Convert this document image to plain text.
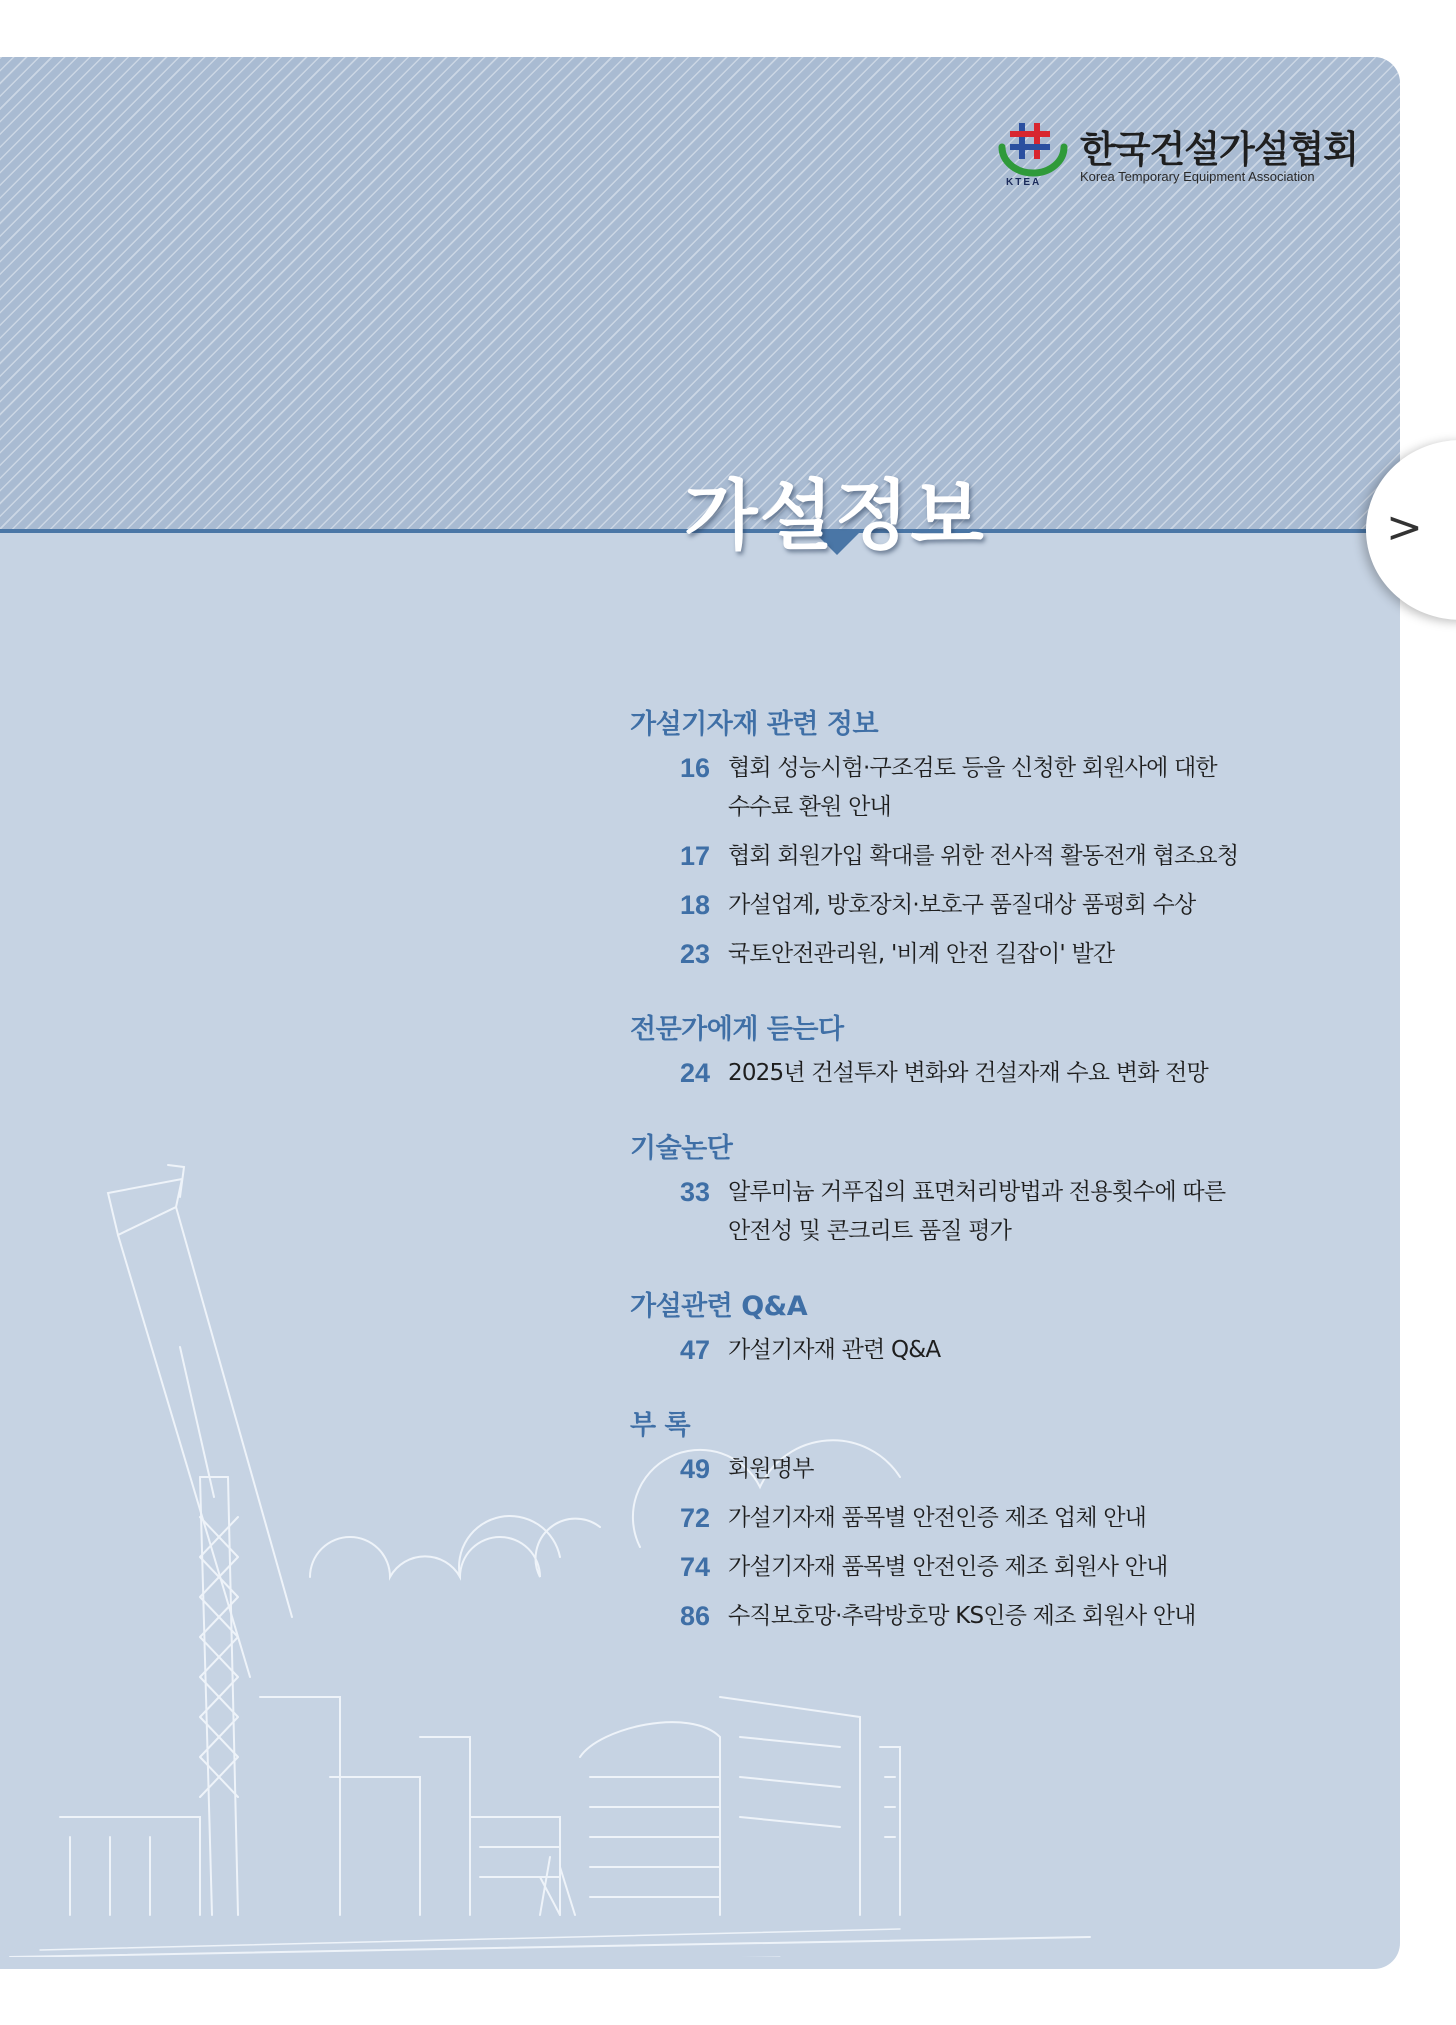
KTEA
한국건설가설협회
Korea Temporary Equipment Association
가설정보
가설기자재 관련 정보
16 협회 성능시험·구조검토 등을 신청한 회원사에 대한
수수료 환원 안내
17 협회 회원가입 확대를 위한 전사적 활동전개 협조요청
18 가설업계, 방호장치·보호구 품질대상 품평회 수상
23 국토안전관리원, '비계 안전 길잡이' 발간
전문가에게 듣는다
24 2025년 건설투자 변화와 건설자재 수요 변화 전망
기술논단
33 알루미늄 거푸집의 표면처리방법과 전용횟수에 따른
안전성 및 콘크리트 품질 평가
가설관련 Q&A
47 가설기자재 관련 Q&A
부 록
49 회원명부
72 가설기자재 품목별 안전인증 제조 업체 안내
74 가설기자재 품목별 안전인증 제조 회원사 안내
86 수직보호망·추락방호망 KS인증 제조 회원사 안내
>
